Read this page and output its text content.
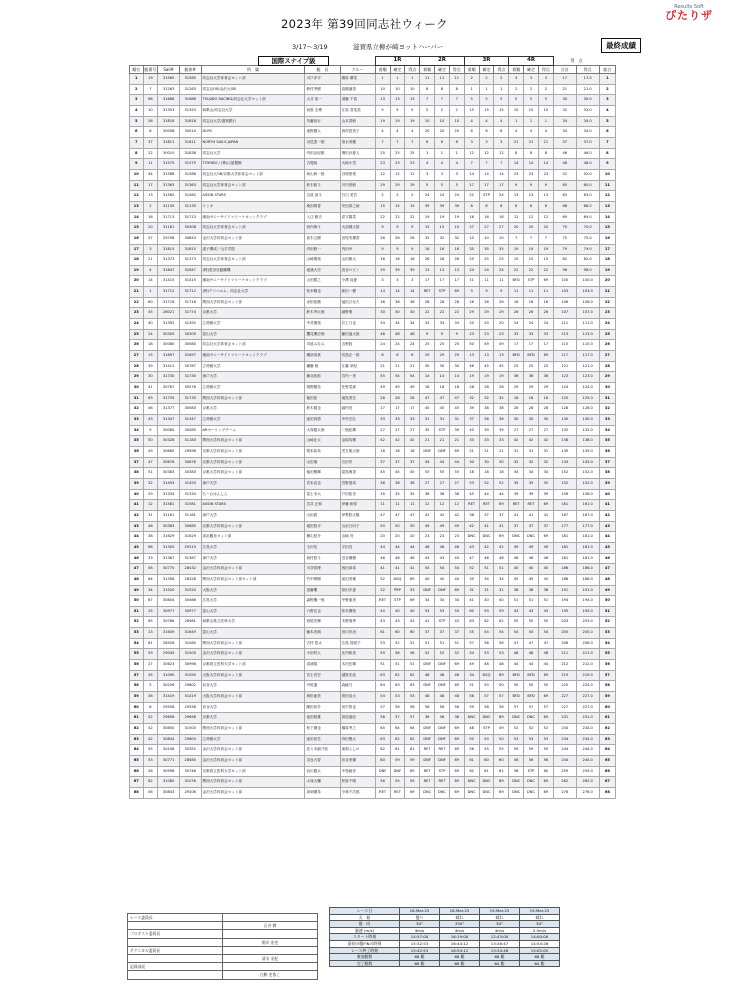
2023年 第39回同志社ウィーク
Results Soft
ぴたりザ
3/17〜3/19	滋賀県立柳が崎ヨットハーバー	最終成績
							1R			2R			3R			4R			得　点		
順位	艇番号	Sail#	艇体#	所　属	艇　長	クルー	着順	確定	得点	着順	確定	得点	着順	確定	得点	着順	確定	得点	合計	得点	総合
1	19	31565	31565	同志社大学体育会ヨット部	川戸洋平	篠原 優菜	1	1	1	11	11	11	2	2	2	3	3	3	17	17.0	1
2	7	31263	31263	同志社OB/金沢大OB	鈴村秀樹	高橋遼香	10	10	10	8	8	8	1	1	1	2	2	2	21	21.0	2
3	66	31686	31686	TSUJIDO RACING/同志社大学ヨット部	大井 裕一	須藤 千春	13	13	13	7	7	7	5	5	5	5	5	5	30	30.0	3
4	10	31353	31353	和歌山/同志社大学	西原 圭博	江原 香菜美	5	5	5	2	2	2	15	15	15	10	10	10	32	32.0	4
5	26	31818	31818	同志社大学/滋賀銀行	呉藤裕行	山本香帆	19	19	19	10	10	10	4	4	4	1	1	1	34	34.0	5
6	8	30008	30010	DUYC	池野國人	西村悠美子	4	4	4	20	20	20	6	6	6	4	4	4	34	34.0	6
7	37	31811	31811	NORTH SAILS JAPAN	谷邑豊一郎	清水美穂	7	7	7	6	6	6	3	3	3	21	21	21	37	37.0	7
8	22	30010	31838	同志社大学	内田由紀雄	増田沙夏人	25	25	25	1	1	1	12	12	12	8	8	8	46	46.0	8
9	11	31575	31575	TOYOBO / (株)山屋製飯	古岡純	大崎小雪	23	23	23	4	4	4	7	7	7	14	14	14	48	48.0	9
10	44	31588	31588	同志社大OB/京都大学体育会ヨット部	和山眞一郎	谷岡里梨	12	12	12	3	3	3	14	14	14	23	23	23	52	52.0	10
11	17	31363	31363	同志社大学体育会ヨット部	鈴木聡斗	川内美帆	29	29	29	5	5	5	17	17	17	9	9	9	60	60.0	11
12	13	31582	31582	ASSIN STARS	名波 涼斗	石川 美吾	2	2	2	24	24	24	22	STP	24	13	13	13	63	63.0	12
13	2	31135	31135	リンキ	桑田晴香	安田真之助	15	15	15	39	39	39	8	8	8	6	6	6	68	68.0	13
14	16	31713	31713	湘南サニーサイドマリーナヨットクラブ	入江 雅夫	倉又陽菜	22	22	22	19	19	19	16	16	16	12	12	12	69	69.0	14
15	20	31181	30308	同志社大学体育会ヨット部	西内海斗	大前健太郎	9	9	9	15	15	15	27	27	27	20	20	20	70	70.0	15
16	57	29798	30843	金沢大学体育会ヨット部	高木五樹	田尾実優香	26	26	26	32	32	32	10	10	10	7	7	7	75	75.0	16
17	3	31815	31815	道子開成／山手学院	内田修一	内田幸	9	9	9	16	16	16	35	35	35	19	19	19	79	79.0	17
18	21	31373	31373	同志社大学体育会ヨット部	山崎俊哉	山田雄太	16	16	16	26	26	26	25	25	25	15	15	15	82	82.0	18
19	4	31647	31647	(株)豊田自動織機	池浦大史	渋谷ロビン	39	39	39	13	13	13	24	24	24	22	22	22	98	98.0	19
20	14	31415	31415	湘南サニーサイドマリーナヨットクラブ	山田勝之	小澤 直夏	3	3	3	17	17	17	11	11	11	BFD	STP	69	100	100.0	20
21	1	31712	31712	(株)デコヘルム、同志社大学	松永暢也	新田一樹	14	14	14	RET	STP	69	9	9	9	11	11	11	103	103.0	21
22	60	31716	31716	関西大学体育会ヨット部	赤松拓磨	福田ひなた	36	36	36	28	28	28	26	26	26	16	16	16	106	106.0	22
23	45	26021	31774	京都大学	鈴木秀太朗	細野明	30	30	30	22	22	22	29	29	29	26	26	26	107	107.0	23
24	40	31392	31392	立命館大学	中井俊哉	井上乃也	34	34	34	33	33	33	20	20	20	24	24	24	111	111.0	24
25	24	30305	30305	富山大学	鷹見颯史朗	藤田凌太郎	48	48	48	9	9	9	23	23	23	33	33	33	113	113.0	25
26	18	30080	30080	同志社大学体育会ヨット部	司延みなみ	吉野陸	24	24	24	25	25	25	50	49	49	17	17	17	115	115.0	26
27	15	31697	31697	湘南サニーサイドマリーナヨットクラブ	磯部成真	長島正一郎	6	6	6	29	29	29	13	13	13	BFD	BFD	69	117	117.0	27
28	39	31412	30787	立命館大学	瀬藤 椋	江藤 草紀	21	21	21	30	30	30	46	45	45	25	25	25	121	121.0	28
29	30	31730	31730	神戸大学	藤谷拓郎	宮内一美	55	54	54	14	14	14	19	19	19	36	36	36	123	123.0	29
30	41	30767	30576	立命館大学	岡野駿祐	佐野菜那	49	49	49	18	18	18	28	28	28	29	29	29	124	124.0	30
31	63	31735	31735	関西大学体育会ヨット部	稲田拓	滝島美吾	28	28	28	47	47	47	32	32	32	18	18	18	125	125.0	31
32	46	31377	30083	京都大学	鈴木健也	細内亮	17	17	17	45	45	45	39	38	38	28	28	28	128	128.0	32
33	43	31347	31347	立命館大学	池田真澄	中村光弘	33	33	33	31	31	31	37	36	36	30	30	30	130	130.0	33
34	9	30085	30085	ARセーリングチーム	大塚健太朗	二瓶紀輝	27	27	27	35	STP	39	40	39	39	27	27	27	132	132.0	34
35	50	30328	31183	関西大学体育会ヨット部	山崎壮太	金原均樹	42	42	42	21	21	21	33	33	33	42	42	42	138	138.0	35
36	49	30665	29598	京都大学体育会ヨット部	岡本拓馬	児玉航大朗	18	18	18	DNF	DNF	69	21	21	21	31	31	31	139	139.0	36
37	47	30676	30676	京都大学体育会ヨット部	山田瑞	吉田栄	37	37	37	44	44	44	30	30	30	32	32	32	143	143.0	37
38	51	30383	30383	京都大学体育会ヨット部	稲田樹輝	富島萌香	45	45	45	55	55	55	18	18	18	34	34	34	152	152.0	38
39	32	31493	31493	神戸大学	宮本直也	宮野遊馬	38	38	38	27	27	27	53	52	52	35	35	35	152	152.0	39
40	29	31334	31334	ちーむはんしん	富士本大	戸田拓杏	35	35	35	38	38	38	45	44	44	39	39	39	156	156.0	40
41	12	31581	31581	ASSIN STARS	宮井 正和	伊藤 和弥	11	11	11	12	12	12	RET	RET	69	RET	RET	69	161	161.0	41
42	31	31161	31161	神戸大学	山田碧	伊集院太陽	47	47	47	42	42	42	38	37	37	41	41	41	167	167.0	42
43	48	30383	30665	京都大学体育会ヨット部	堀田悠平	山尻日向子	50	50	50	49	49	49	42	41	41	37	37	37	177	177.0	43
44	38	31629	31629	高浜観光ヨット部	横山悠介	山崎 亮	20	20	20	23	23	23	DNC	DNC	69	DNC	DNC	69	181	181.0	44
45	68	31305	29219	広島大学	玉川弦	平田亮	44	44	44	46	46	46	43	42	42	49	49	49	181	181.0	45
46	33	31367	31367	神戸大学	西村悠斗	近谷優樹	46	46	46	43	43	43	47	46	46	46	46	46	181	181.0	46
47	58	30770	28432	金沢大学体育会ヨット部	川谷智博	西田真希	41	41	41	54	54	54	52	51	51	40	40	40	186	186.0	47
48	64	31358	28328	関西大学体育会ヨット部ヨット部	竹中晴樹	前田美稀	52	DSQ	69	40	40	40	35	34	34	45	45	45	188	188.0	48
49	34	31520	31520	大阪大学	加藤颯	原田多恵	32	PRP	53	DNF	DNF	69	31	31	31	38	38	38	191	191.0	49
50	67	30804	30466	広島大学	森野楓一郎	中野亜美	RET	STP	69	34	34	34	41	40	40	51	51	51	194	194.0	50
51	25	30977	30977	富山大学	六野克也	松本優知	40	40	40	53	53	53	60	59	59	43	43	43	195	195.0	51
52	65	30786	28981	和歌山県立医科大学	西尾亮輝	木野瑞季	43	43	43	41	STP	43	63	62	62	55	55	55	203	203.0	52
53	23	31649	31649	富山大学	藤本崇典	田川市治	61	60	60	37	37	37	55	54	54	54	54	54	205	205.0	53
54	61	28328	31085	関西大学体育会ヨット部	古村 悠太	広島 翔星子	53	52	52	51	51	51	57	56	56	47	47	47	206	206.0	54
55	59	29045	31500	金沢大学体育会ヨット部	小田咲人	比内和美	59	58	58	52	52	52	54	53	53	48	48	48	211	211.0	55
56	27	30623	30998	京都府立医科大学ヨット部	清浦翔	木田岳輝	51	51	51	DNF	DNF	69	49	48	48	44	44	44	212	212.0	56
57	35	31090	31090	大阪大学体育会ヨット部	宮士亮史	越智光拓	63	62	62	48	48	48	34	DSQ	69	BFD	BFD	69	219	219.0	57
58	5	30256	29802	岩谷大学	丹尾遼	森綾乃	64	63	63	DNF	DNF	69	51	50	50	50	50	50	225	225.0	58
59	36	31419	31419	大阪大学体育会ヨット部	荷松亜美	曽田浩太	54	53	53	48	48	48	58	57	57	BFD	BFD	69	227	227.0	59
60	6	29558	29558	岩谷大学	陳田裕介	田中智也	57	56	56	56	56	56	59	58	58	57	57	57	227	227.0	60
61	52	29658	29658	京都大学	池田昭雄	高居遥紀	58	57	57	36	36	36	DNC	DNC	69	DNC	DNC	69	231	231.0	61
62	42	30850	31500	関西大学体育会ヨット部	松下優也	橋原考之	65	64	64	DNF	DNF	69	48	STP	49	52	52	52	234	234.0	62
63	42	30844	29600	立命館大学	池田裕吾	斉田俊太	63	62	62	DNF	DNF	69	50	50	50	53	53	53	234	234.0	63
64	55	30108	30352	金沢大学体育会ヨット部	佐々木瞬乃佑	東畑よしの	62	61	61	RET	RET	69	56	55	55	59	59	59	244	244.0	64
65	53	30771	28585	金沢大学体育会ヨット部	奈良大智	岩谷美優	60	59	59	DNF	DNF	69	61	60	60	56	56	56	244	244.0	65
66	28	30998	30746	京都府立医科大学ヨット部	浜川健太	中島綾音	DNF	DNF	69	RET	STP	69	62	61	61	58	STP	60	259	259.0	66
67	62	31085	31076	関西大学体育会ヨット部	大塚大輔	松原千晴	56	55	55	RET	RET	69	DNC	DNC	69	DNC	DNC	69	262	262.0	67
68	56	30843	29206	金沢大学体育会ヨット部	高畑優希	小林千次郎	RET	RET	69	DNC	DNC	69	DNC	DNC	69	DNC	DNC	69	276	276.0	68
国際スナイプ級
レース委員長	
	石谷 潤
プロテスト委員長	
	堀川 宏史
テクニカル委員長	
	清水 友紀
記録部長	
	白勝 史依こ
レース日	18-Mar-23	18-Mar-23	19-Mar-23	19-Mar-23
天　候	曇り	晴れ	晴れ	晴れ
風　向	30°	330°	30°	30°
風速 (m/s)	4m/s	4m/s	4m/s	2.5m/s
スタート時刻	14:57:00	16:19:00	12:43:00	14:00:00
最初の艇FINの時刻	15:32:53	16:44:12	13:26:47	14:54:26
レース終了時刻	15:42:53	16:54:12	13:34:48	15:02:05
参加艇数	68 艇	68 艇	68 艇	68 艇
完了艇数	68 艇	68 艇	64 艇	64 艇
